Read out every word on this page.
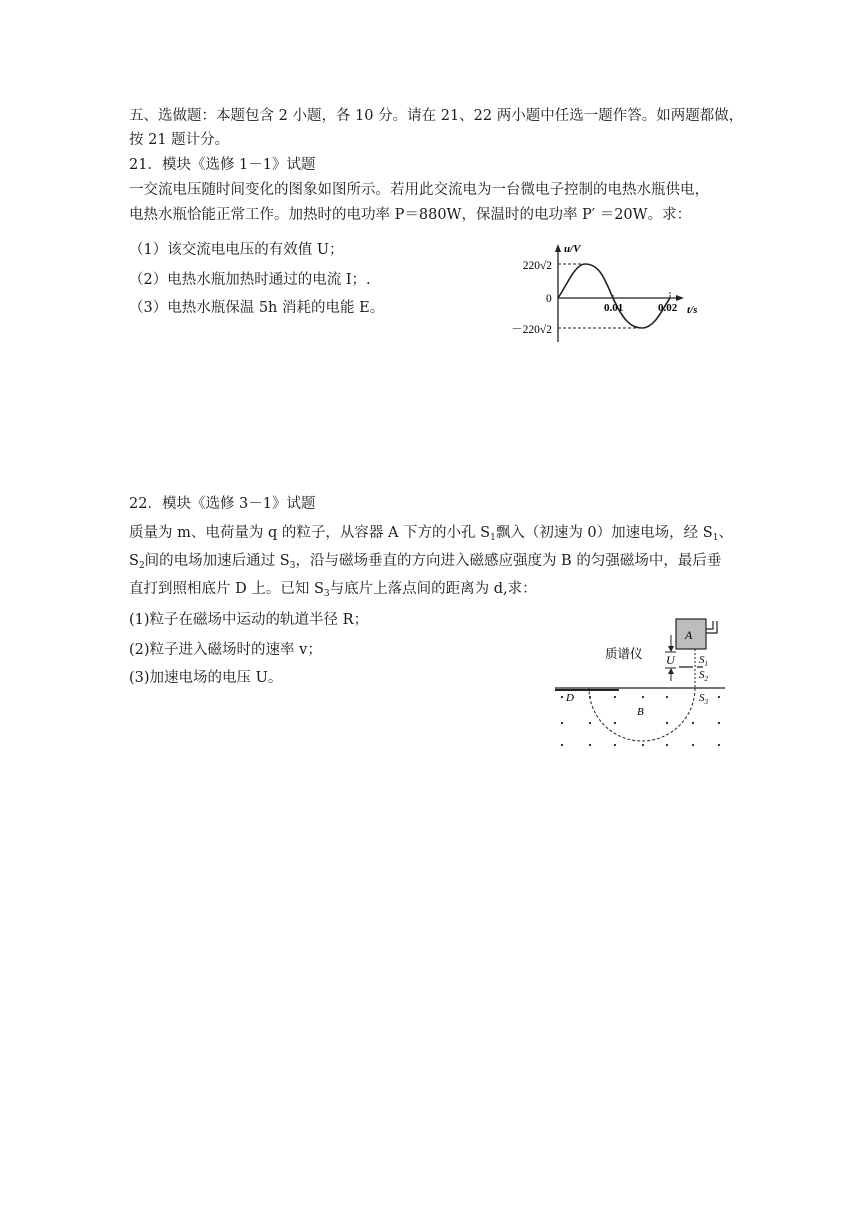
五、选做题：本题包含 2 小题，各 10 分。请在 21、22 两小题中任选一题作答。如两题都做，
按 21 题计分。
21．模块《选修 1－1》试题
一交流电压随时间变化的图象如图所示。若用此交流电为一台微电子控制的电热水瓶供电，
电热水瓶恰能正常工作。加热时的电功率 P＝880W，保温时的电功率 P′ ＝20W。求：
（1）该交流电电压的有效值 U；
（2）电热水瓶加热时通过的电流 I；.
（3）电热水瓶保温 5h 消耗的电能 E。
u/V
t/s
220√2
－220√2
0
0.01	0.02
22．模块《选修 3－1》试题
质量为 m、电荷量为 q 的粒子，从容器 A 下方的小孔 $S_1$飘入（初速为 0）加速电场，经 $S_1$、
$S_2$间的电场加速后通过 $S_3$，沿与磁场垂直的方向进入磁感应强度为 B 的匀强磁场中，最后垂
直打到照相底片 D 上。已知 $S_3$与底片上落点间的距离为 d,求：
(1)粒子在磁场中运动的轨道半径 R；
(2)粒子进入磁场时的速率 v；
(3)加速电场的电压 U。
A
质谱仪 U $S_1$
$S_2$
$S_3$
D
B
